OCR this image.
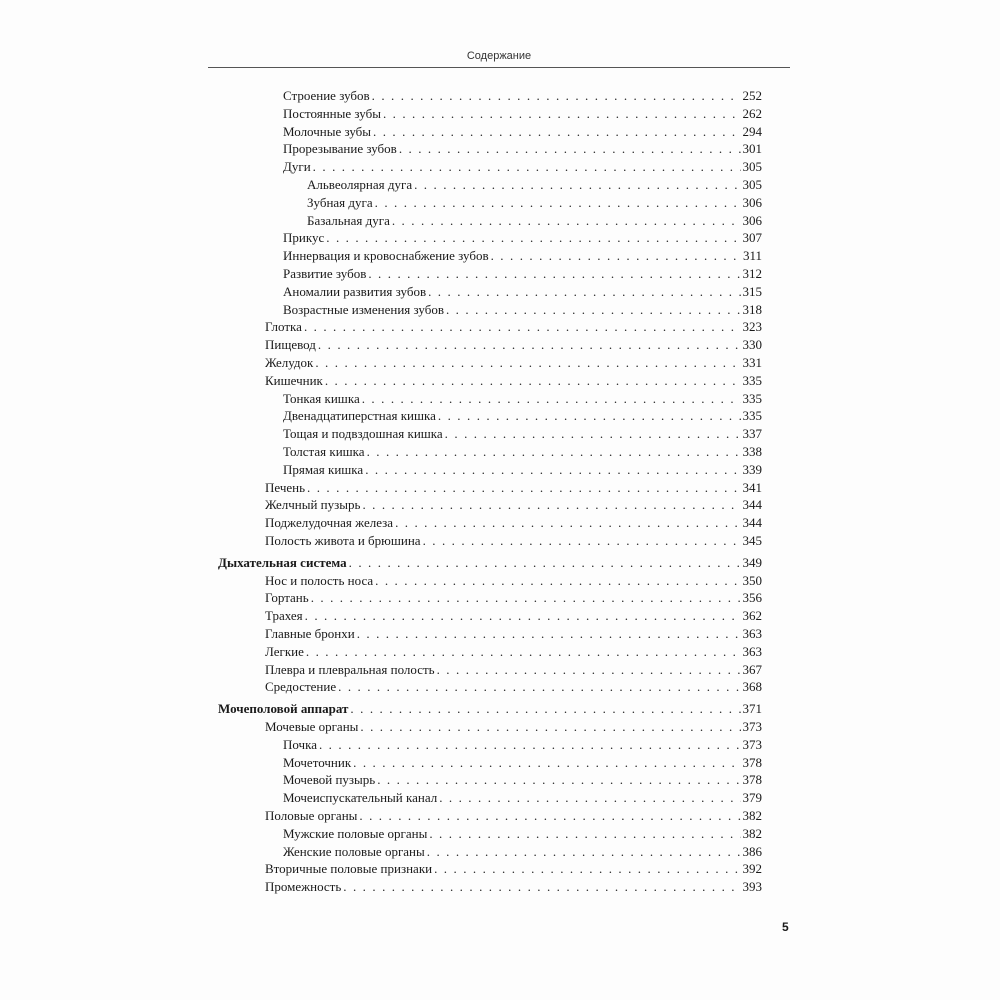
Содержание
Строение зубов . . .	252
Постоянные зубы . . .	262
Молочные зубы . . .	294
Прорезывание зубов . . .	301
Дуги . . .	305
Альвеолярная дуга . . .	305
Зубная дуга . . .	306
Базальная дуга . . .	306
Прикус . . .	307
Иннервация и кровоснабжение зубов . . .	311
Развитие зубов . . .	312
Аномалии развития зубов . . .	315
Возрастные изменения зубов . . .	318
Глотка . . .	323
Пищевод . . .	330
Желудок . . .	331
Кишечник . . .	335
Тонкая кишка . . .	335
Двенадцатиперстная кишка . . .	335
Тощая и подвздошная кишка . . .	337
Толстая кишка . . .	338
Прямая кишка . . .	339
Печень . . .	341
Желчный пузырь . . .	344
Поджелудочная железа . . .	344
Полость живота и брюшина . . .	345
Дыхательная система . . .	349
Нос и полость носа . . .	350
Гортань . . .	356
Трахея . . .	362
Главные бронхи . . .	363
Легкие . . .	363
Плевра и плевральная полость . . .	367
Средостение . . .	368
Мочеполовой аппарат . . .	371
Мочевые органы . . .	373
Почка . . .	373
Мочеточник . . .	378
Мочевой пузырь . . .	378
Мочеиспускательный канал . . .	379
Половые органы . . .	382
Мужские половые органы . . .	382
Женские половые органы . . .	386
Вторичные половые признаки . . .	392
Промежность . . .	393
5
